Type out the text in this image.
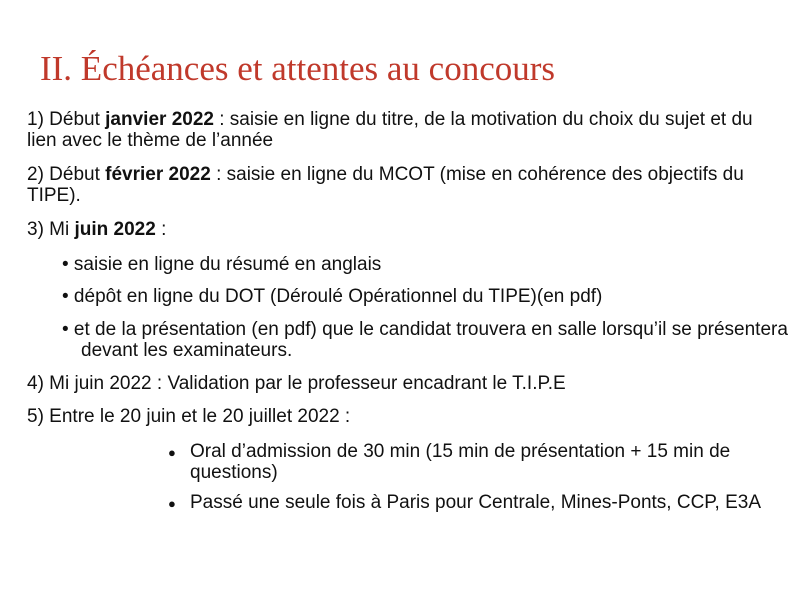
II. Échéances et attentes au concours
1) Début janvier 2022 : saisie en ligne du titre, de la motivation du choix du sujet et du lien avec le thème de l’année
2) Début février 2022 : saisie en ligne du MCOT (mise en cohérence des objectifs du TIPE).
3) Mi juin 2022 :
• saisie en ligne du résumé en anglais
• dépôt en ligne du DOT (Déroulé Opérationnel du TIPE)(en pdf)
• et de la présentation (en pdf) que le candidat trouvera en salle lorsqu’il se présentera devant les examinateurs.
4) Mi juin 2022 : Validation par le professeur encadrant le T.I.P.E
5) Entre le 20 juin et le 20 juillet 2022 :
● Oral d’admission de 30 min (15 min de présentation + 15 min de questions)
● Passé une seule fois à Paris pour Centrale, Mines-Ponts, CCP, E3A
